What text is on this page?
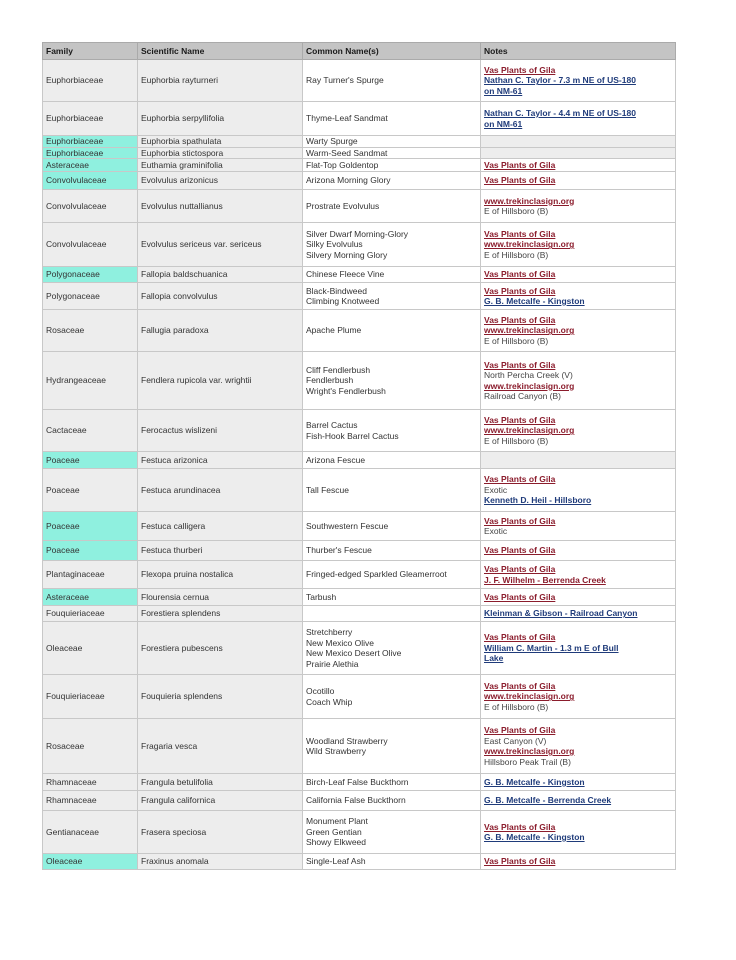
Family	Scientific Name	Common Name(s)	Notes
Euphorbiaceae	Euphorbia rayturneri	Ray Turner's Spurge	Vas Plants of Gila
Nathan C. Taylor - 7.3 m NE of US-180
on NM-61

Euphorbiaceae	Euphorbia serpyllifolia	Thyme-Leaf Sandmat	Nathan C. Taylor - 4.4 m NE of US-180
on NM-61

Euphorbiaceae	Euphorbia spathulata	Warty Spurge	

Euphorbiaceae	Euphorbia stictospora	Warm-Seed Sandmat	

Asteraceae	Euthamia graminifolia	Flat-Top Goldentop	Vas Plants of Gila

Convolvulaceae	Evolvulus arizonicus	Arizona Morning Glory	Vas Plants of Gila

Convolvulaceae	Evolvulus nuttallianus	Prostrate Evolvulus	www.trekinclasign.org
E of Hillsboro (B)

Convolvulaceae	Evolvulus sericeus var. sericeus	Silver Dwarf Morning-Glory
Silky Evolvulus
Silvery Morning Glory	Vas Plants of Gila
www.trekinclasign.org
E of Hillsboro (B)

Polygonaceae	Fallopia baldschuanica	Chinese Fleece Vine	Vas Plants of Gila

Polygonaceae	Fallopia convolvulus	Black-Bindweed
Climbing Knotweed	Vas Plants of Gila
G. B. Metcalfe - Kingston

Rosaceae	Fallugia paradoxa	Apache Plume	Vas Plants of Gila
www.trekinclasign.org
E of Hillsboro (B)

Hydrangeaceae	Fendlera rupicola var. wrightii	Cliff Fendlerbush
Fendlerbush
Wright's Fendlerbush	Vas Plants of Gila
North Percha Creek (V)
www.trekinclasign.org
Railroad Canyon (B)

Cactaceae	Ferocactus wislizeni	Barrel Cactus
Fish-Hook Barrel Cactus	Vas Plants of Gila
www.trekinclasign.org
E of Hillsboro (B)

Poaceae	Festuca arizonica	Arizona Fescue	

Poaceae	Festuca arundinacea	Tall Fescue	Vas Plants of Gila
Exotic
Kenneth D. Heil - Hillsboro

Poaceae	Festuca calligera	Southwestern Fescue	Vas Plants of Gila
Exotic

Poaceae	Festuca thurberi	Thurber's Fescue	Vas Plants of Gila

Plantaginaceae	Flexopa pruina nostalica	Fringed-edged Sparkled Gleamerroot	Vas Plants of Gila
J. F. Wilhelm - Berrenda Creek

Asteraceae	Flourensia cernua	Tarbush	Vas Plants of Gila

Fouquieriaceae	Forestiera splendens		Kleinman & Gibson - Railroad Canyon

Oleaceae	Forestiera pubescens	Stretchberry
New Mexico Olive
New Mexico Desert Olive
Prairie Alethia	Vas Plants of Gila
William C. Martin - 1.3 m E of Bull
Lake

Fouquieriaceae	Fouquieria splendens	Ocotillo
Coach Whip	Vas Plants of Gila
www.trekinclasign.org
E of Hillsboro (B)

Rosaceae	Fragaria vesca	Woodland Strawberry
Wild Strawberry	Vas Plants of Gila
East Canyon (V)
www.trekinclasign.org
Hillsboro Peak Trail (B)

Rhamnaceae	Frangula betulifolia	Birch-Leaf False Buckthorn	G. B. Metcalfe - Kingston

Rhamnaceae	Frangula californica	California False Buckthorn	G. B. Metcalfe - Berrenda Creek

Gentianaceae	Frasera speciosa	Monument Plant
Green Gentian
Showy Elkweed	Vas Plants of Gila
G. B. Metcalfe - Kingston

Oleaceae	Fraxinus anomala	Single-Leaf Ash	Vas Plants of Gila
